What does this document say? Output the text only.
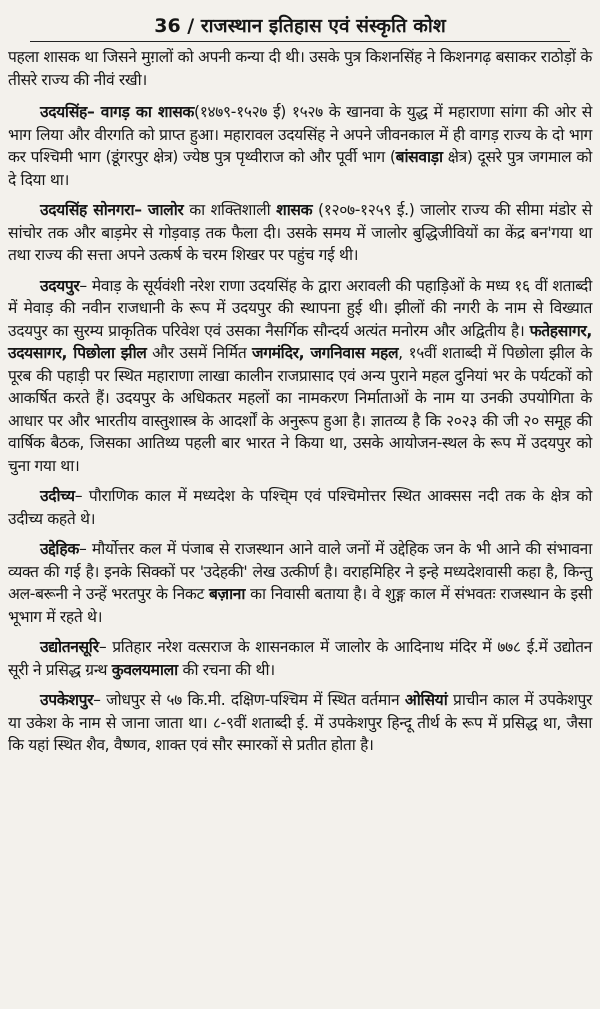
36 / राजस्थान इतिहास एवं संस्कृति कोश

पहला शासक था जिसने मुग़लों को अपनी कन्या दी थी। उसके पुत्र किशनसिंह ने किशनगढ़ बसाकर राठोड़ों के तीसरे राज्य की नीवं रखी।

उदयसिंह– वागड़ का शासक(१४७९-१५२७ ई) १५२७ के खानवा के युद्ध में महाराणा सांगा की ओर से भाग लिया और वीरगति को प्राप्त हुआ। महारावल उदयसिंह ने अपने जीवनकाल में ही वागड़ राज्य के दो भाग कर पश्चिमी भाग (डूंगरपुर क्षेत्र) ज्येष्ठ पुत्र पृथ्वीराज को और पूर्वी भाग (बांसवाड़ा क्षेत्र) दूसरे पुत्र जगमाल को दे दिया था।

उदयसिंह सोनगरा– जालोर का शक्तिशाली शासक (१२०७-१२५९ ई.) जालोर राज्य की सीमा मंडोर से सांचोर तक और बाड़मेर से गोड़वाड़ तक फैला दी। उसके समय में जालोर बुद्धिजीवियों का केंद्र बन'गया था तथा राज्य की सत्ता अपने उत्कर्ष के चरम शिखर पर पहुंच गई थी।

उदयपुर– मेवाड़ के सूर्यवंशी नरेश राणा उदयसिंह के द्वारा अरावली की पहाड़िओं के मध्य १६ वीं शताब्दी में मेवाड़ की नवीन राजधानी के रूप में उदयपुर की स्थापना हुई थी। झीलों की नगरी के नाम से विख्यात उदयपुर का सुरम्य प्राकृतिक परिवेश एवं उसका नैसर्गिक सौन्दर्य अत्यंत मनोरम और अद्वितीय है। फतेहसागर, उदयसागर, पिछोला झील और उसमें निर्मित जगमंदिर, जगनिवास महल, १५वीं शताब्दी में पिछोला झील के पूरब की पहाड़ी पर स्थित महाराणा लाखा कालीन राजप्रासाद एवं अन्य पुराने महल दुनियां भर के पर्यटकों को आकर्षित करते हैं। उदयपुर के अधिकतर महलों का नामकरण निर्माताओं के नाम या उनकी उपयोगिता के आधार पर और भारतीय वास्तुशास्त्र के आदर्शों के अनुरूप हुआ है। ज्ञातव्य है कि २०२३ की जी २० समूह की वार्षिक बैठक, जिसका आतिथ्य पहली बार भारत ने किया था, उसके आयोजन-स्थल के रूप में उदयपुर को चुना गया था।

उदीच्य– पौराणिक काल में मध्यदेश के पश्चि्म एवं पश्चिमोत्तर स्थित आक्सस नदी तक के क्षेत्र को उदीच्य कहते थे।

उद्देहिक– मौर्योत्तर कल में पंजाब से राजस्थान आने वाले जनों में उद्देहिक जन के भी आने की संभावना व्यक्त की गई है। इनके सिक्कों पर 'उदेहकी' लेख उत्कीर्ण है। वराहमिहिर ने इन्हे मध्यदेशवासी कहा है, किन्तु अल-बरूनी ने उन्हें भरतपुर के निकट बज़ाना का निवासी बताया है। वे शुङ्ग काल में संभवतः राजस्थान के इसी भूभाग में रहते थे।

उद्योतनसूरि– प्रतिहार नरेश वत्सराज के शासनकाल में जालोर के आदिनाथ मंदिर में ७७८ ई.में उद्योतन सूरी ने प्रसिद्ध ग्रन्थ कुवलयमाला की रचना की थी।

उपकेशपुर– जोधपुर से ५७ कि.मी. दक्षिण-पश्चिम में स्थित वर्तमान ओसियां प्राचीन काल में उपकेशपुर या उकेश के नाम से जाना जाता था। ८-९वीं शताब्दी ई. में उपकेशपुर हिन्दू तीर्थ के रूप में प्रसिद्ध था, जैसा कि यहां स्थित शैव, वैष्णव, शाक्त एवं सौर स्मारकों से प्रतीत होता है।
